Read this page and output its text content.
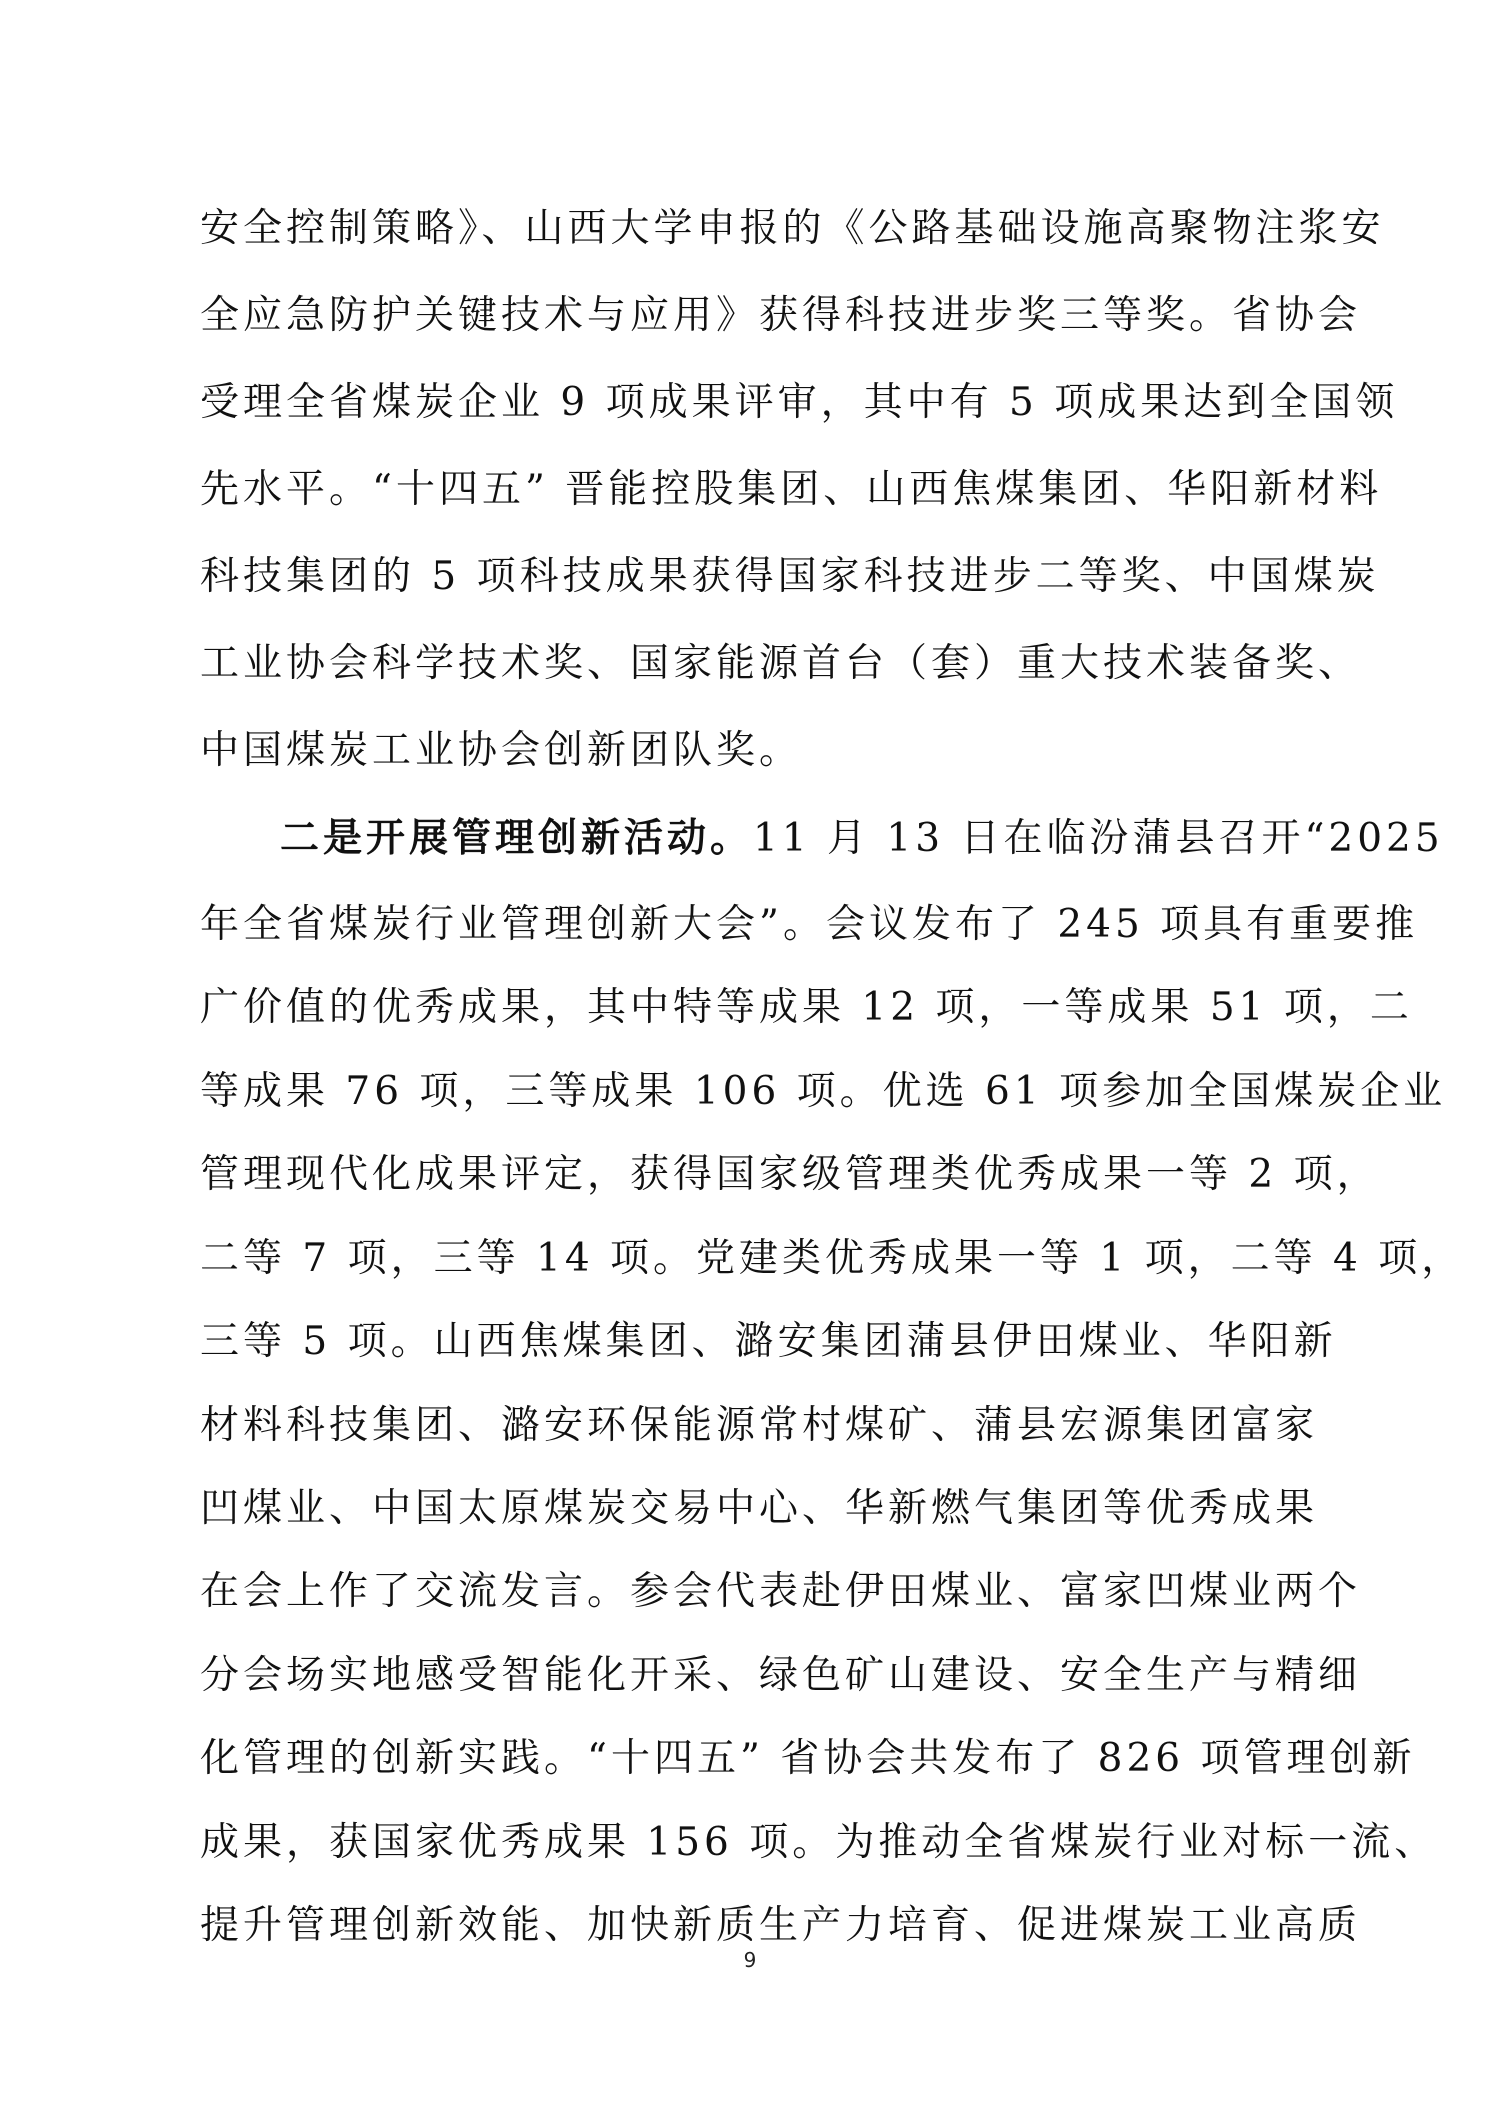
安全控制策略》、山西大学申报的《公路基础设施高聚物注浆安
全应急防护关键技术与应用》获得科技进步奖三等奖。省协会
受理全省煤炭企业 9 项成果评审，其中有 5 项成果达到全国领
先水平。“十四五” 晋能控股集团、山西焦煤集团、华阳新材料
科技集团的 5 项科技成果获得国家科技进步二等奖、中国煤炭
工业协会科学技术奖、国家能源首台（套）重大技术装备奖、
中国煤炭工业协会创新团队奖。
二是开展管理创新活动。11 月 13 日在临汾蒲县召开“2025
年全省煤炭行业管理创新大会”。会议发布了 245 项具有重要推
广价值的优秀成果，其中特等成果 12 项，一等成果 51 项，二
等成果 76 项，三等成果 106 项。优选 61 项参加全国煤炭企业
管理现代化成果评定，获得国家级管理类优秀成果一等 2 项，
二等 7 项，三等 14 项。党建类优秀成果一等 1 项，二等 4 项，
三等 5 项。山西焦煤集团、潞安集团蒲县伊田煤业、华阳新
材料科技集团、潞安环保能源常村煤矿、蒲县宏源集团富家
凹煤业、中国太原煤炭交易中心、华新燃气集团等优秀成果
在会上作了交流发言。参会代表赴伊田煤业、富家凹煤业两个
分会场实地感受智能化开采、绿色矿山建设、安全生产与精细
化管理的创新实践。“十四五” 省协会共发布了 826 项管理创新
成果，获国家优秀成果 156 项。为推动全省煤炭行业对标一流、
9
提升管理创新效能、加快新质生产力培育、促进煤炭工业高质
